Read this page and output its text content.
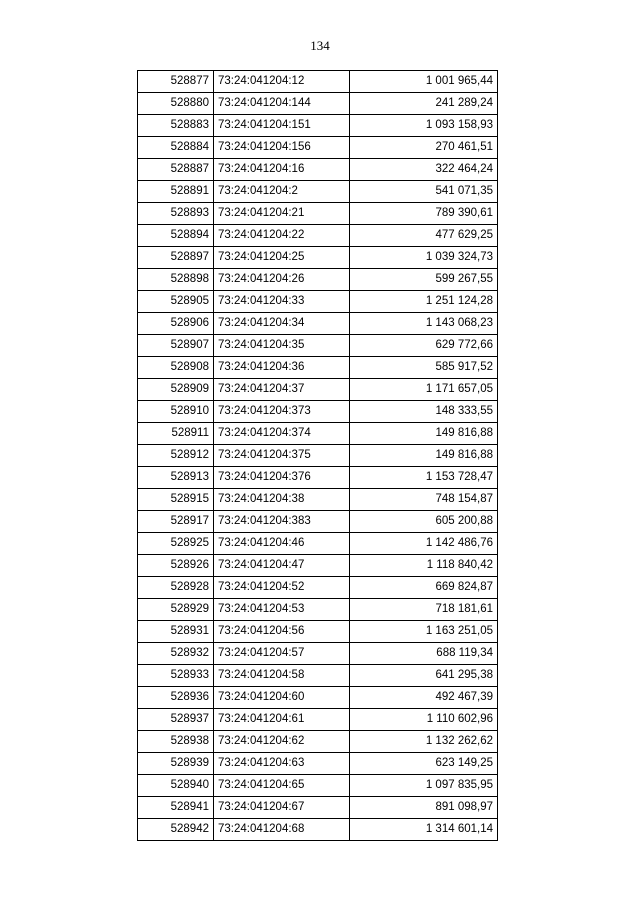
134
528877	73:24:041204:12	1 001 965,44
528880	73:24:041204:144	241 289,24
528883	73:24:041204:151	1 093 158,93
528884	73:24:041204:156	270 461,51
528887	73:24:041204:16	322 464,24
528891	73:24:041204:2	541 071,35
528893	73:24:041204:21	789 390,61
528894	73:24:041204:22	477 629,25
528897	73:24:041204:25	1 039 324,73
528898	73:24:041204:26	599 267,55
528905	73:24:041204:33	1 251 124,28
528906	73:24:041204:34	1 143 068,23
528907	73:24:041204:35	629 772,66
528908	73:24:041204:36	585 917,52
528909	73:24:041204:37	1 171 657,05
528910	73:24:041204:373	148 333,55
528911	73:24:041204:374	149 816,88
528912	73:24:041204:375	149 816,88
528913	73:24:041204:376	1 153 728,47
528915	73:24:041204:38	748 154,87
528917	73:24:041204:383	605 200,88
528925	73:24:041204:46	1 142 486,76
528926	73:24:041204:47	1 118 840,42
528928	73:24:041204:52	669 824,87
528929	73:24:041204:53	718 181,61
528931	73:24:041204:56	1 163 251,05
528932	73:24:041204:57	688 119,34
528933	73:24:041204:58	641 295,38
528936	73:24:041204:60	492 467,39
528937	73:24:041204:61	1 110 602,96
528938	73:24:041204:62	1 132 262,62
528939	73:24:041204:63	623 149,25
528940	73:24:041204:65	1 097 835,95
528941	73:24:041204:67	891 098,97
528942	73:24:041204:68	1 314 601,14
